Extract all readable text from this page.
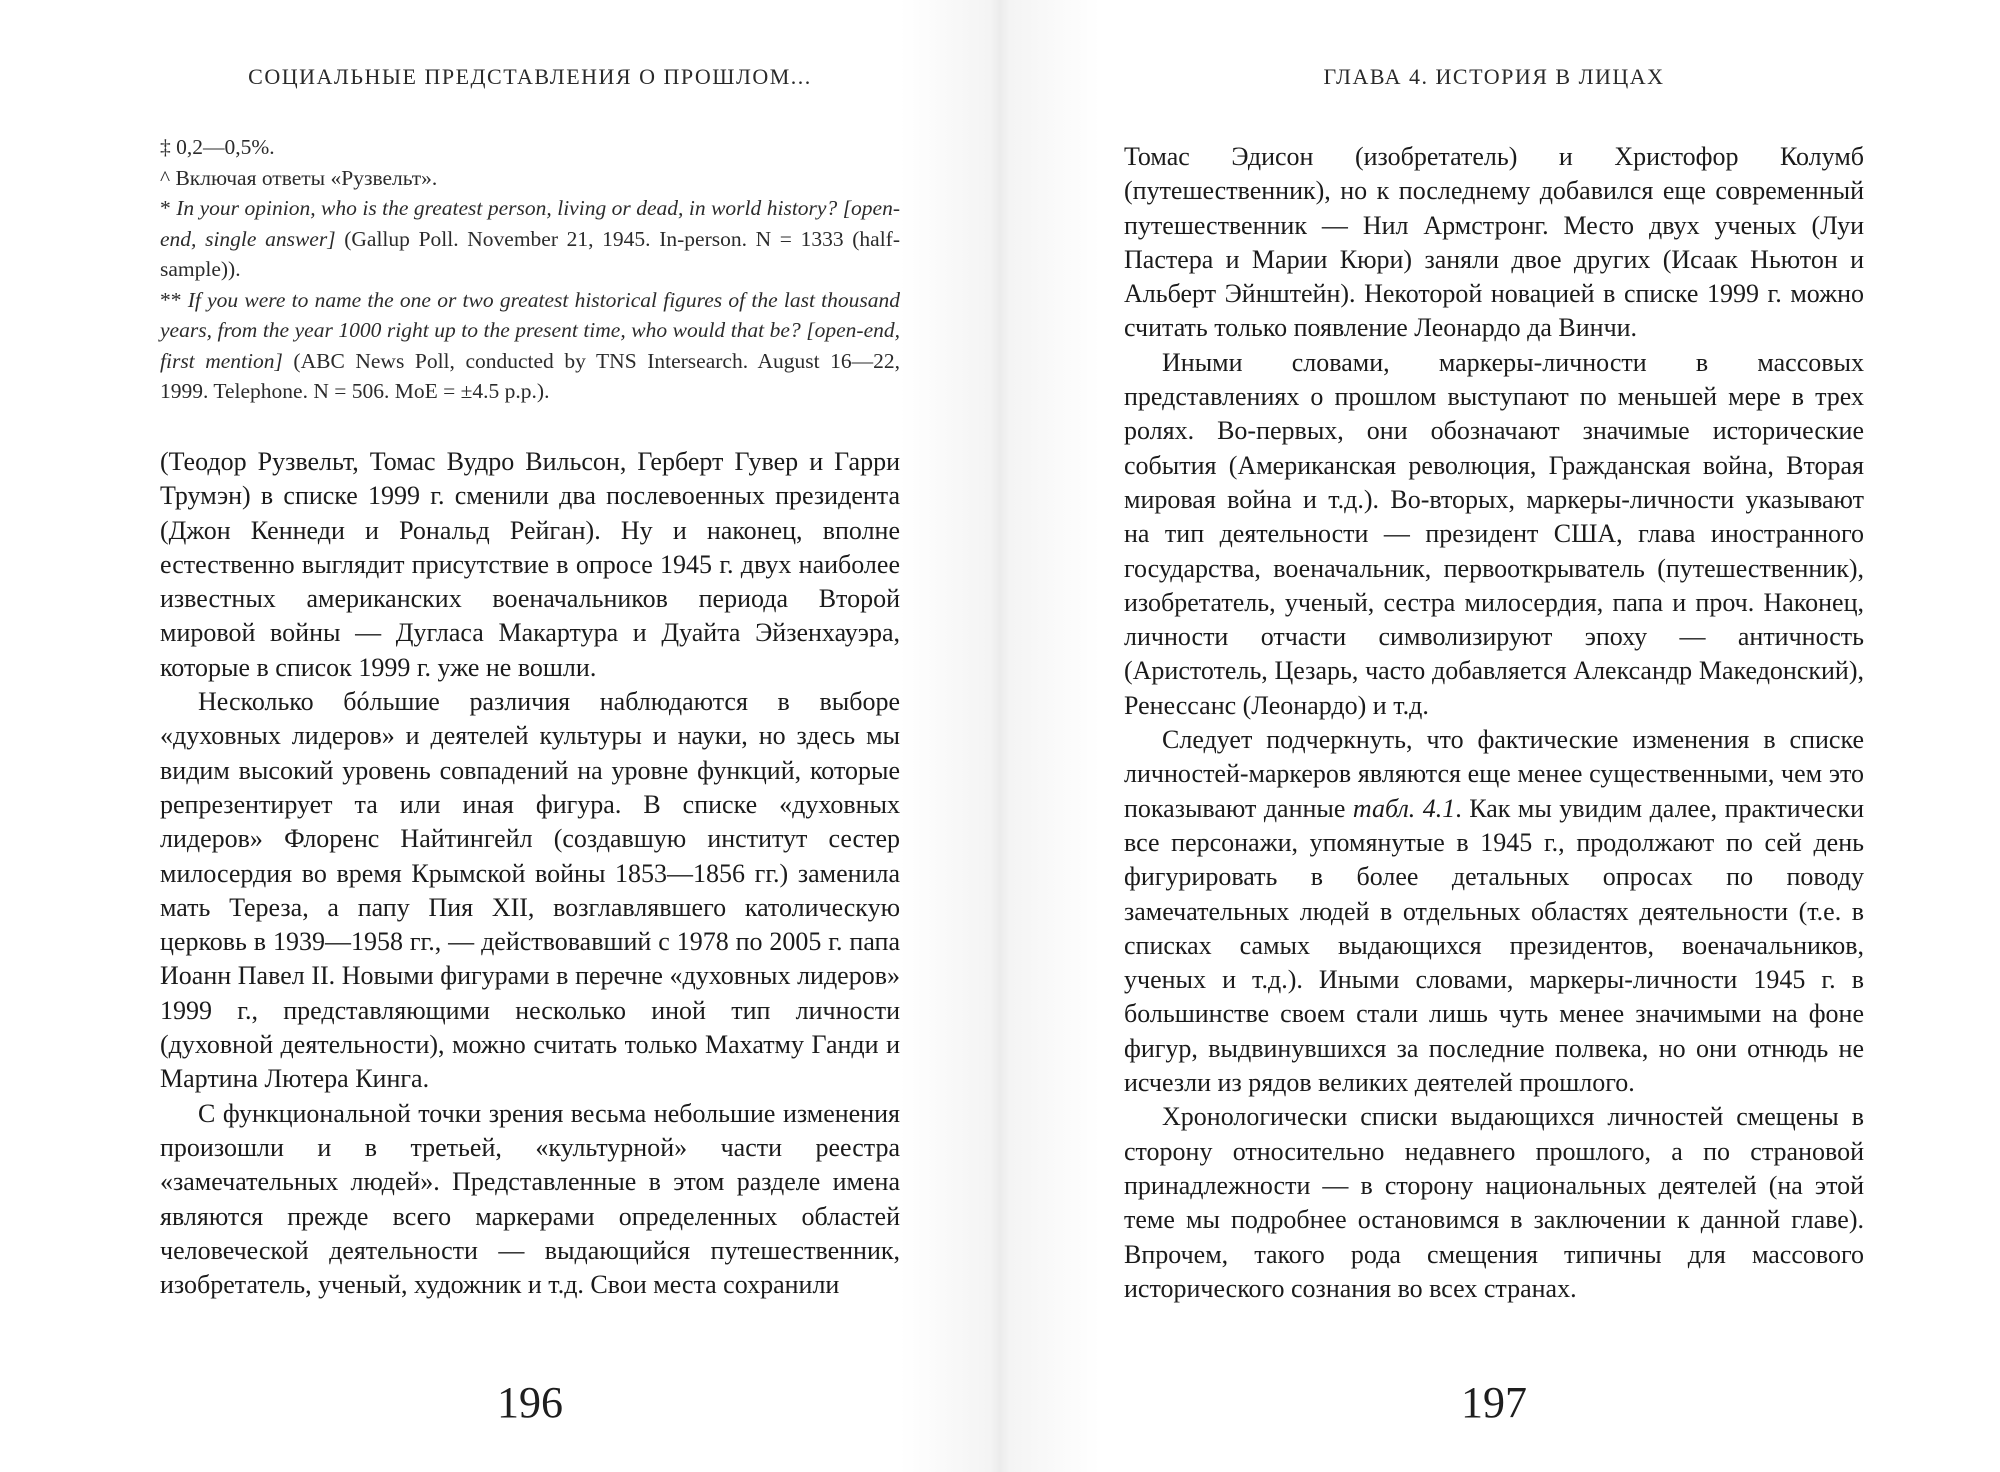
СОЦИАЛЬНЫЕ ПРЕДСТАВЛЕНИЯ О ПРОШЛОМ...

‡ 0,2—0,5%.

^ Включая ответы «Рузвельт».

* In your opinion, who is the greatest person, living or dead, in world history? [open-end, single answer] (Gallup Poll. November 21, 1945. In-person. N = 1333 (half-sample)).

** If you were to name the one or two greatest historical figures of the last thousand years, from the year 1000 right up to the present time, who would that be? [open-end, first mention] (ABC News Poll, conducted by TNS Intersearch. August 16—22, 1999. Telephone. N = 506. MoE = ±4.5 p.p.).

(Теодор Рузвельт, Томас Вудро Вильсон, Герберт Гувер и Гарри Трумэн) в списке 1999 г. сменили два послевоенных президента (Джон Кеннеди и Рональд Рейган). Ну и наконец, вполне естественно выглядит присутствие в опросе 1945 г. двух наиболее известных американских военачальников периода Второй мировой войны — Дугласа Макартура и Дуайта Эйзенхауэра, которые в список 1999 г. уже не вошли.

Несколько бóльшие различия наблюдаются в выборе «духовных лидеров» и деятелей культуры и науки, но здесь мы видим высокий уровень совпадений на уровне функций, которые репрезентирует та или иная фигура. В списке «духовных лидеров» Флоренс Найтингейл (создавшую институт сестер милосердия во время Крымской войны 1853—1856 гг.) заменила мать Тереза, а папу Пия XII, возглавлявшего католическую церковь в 1939—1958 гг., — действовавший с 1978 по 2005 г. папа Иоанн Павел II. Новыми фигурами в перечне «духовных лидеров» 1999 г., представляющими несколько иной тип личности (духовной деятельности), можно считать только Махатму Ганди и Мартина Лютера Кинга.

С функциональной точки зрения весьма небольшие изменения произошли и в третьей, «культурной» части реестра «замечательных людей». Представленные в этом разделе имена являются прежде всего маркерами определенных областей человеческой деятельности — выдающийся путешественник, изобретатель, ученый, художник и т.д. Свои места сохранили

196
ГЛАВА 4. ИСТОРИЯ В ЛИЦАХ

Томас Эдисон (изобретатель) и Христофор Колумб (путешественник), но к последнему добавился еще современный путешественник — Нил Армстронг. Место двух ученых (Луи Пастера и Марии Кюри) заняли двое других (Исаак Ньютон и Альберт Эйнштейн). Некоторой новацией в списке 1999 г. можно считать только появление Леонардо да Винчи.

Иными словами, маркеры-личности в массовых представлениях о прошлом выступают по меньшей мере в трех ролях. Во-первых, они обозначают значимые исторические события (Американская революция, Гражданская война, Вторая мировая война и т.д.). Во-вторых, маркеры-личности указывают на тип деятельности — президент США, глава иностранного государства, военачальник, первооткрыватель (путешественник), изобретатель, ученый, сестра милосердия, папа и проч. Наконец, личности отчасти символизируют эпоху — античность (Аристотель, Цезарь, часто добавляется Александр Македонский), Ренессанс (Леонардо) и т.д.

Следует подчеркнуть, что фактические изменения в списке личностей-маркеров являются еще менее существенными, чем это показывают данные табл. 4.1. Как мы увидим далее, практически все персонажи, упомянутые в 1945 г., продолжают по сей день фигурировать в более детальных опросах по поводу замечательных людей в отдельных областях деятельности (т.е. в списках самых выдающихся президентов, военачальников, ученых и т.д.). Иными словами, маркеры-личности 1945 г. в большинстве своем стали лишь чуть менее значимыми на фоне фигур, выдвинувшихся за последние полвека, но они отнюдь не исчезли из рядов великих деятелей прошлого.

Хронологически списки выдающихся личностей смещены в сторону относительно недавнего прошлого, а по страновой принадлежности — в сторону национальных деятелей (на этой теме мы подробнее остановимся в заключении к данной главе). Впрочем, такого рода смещения типичны для массового исторического сознания во всех странах.

197
